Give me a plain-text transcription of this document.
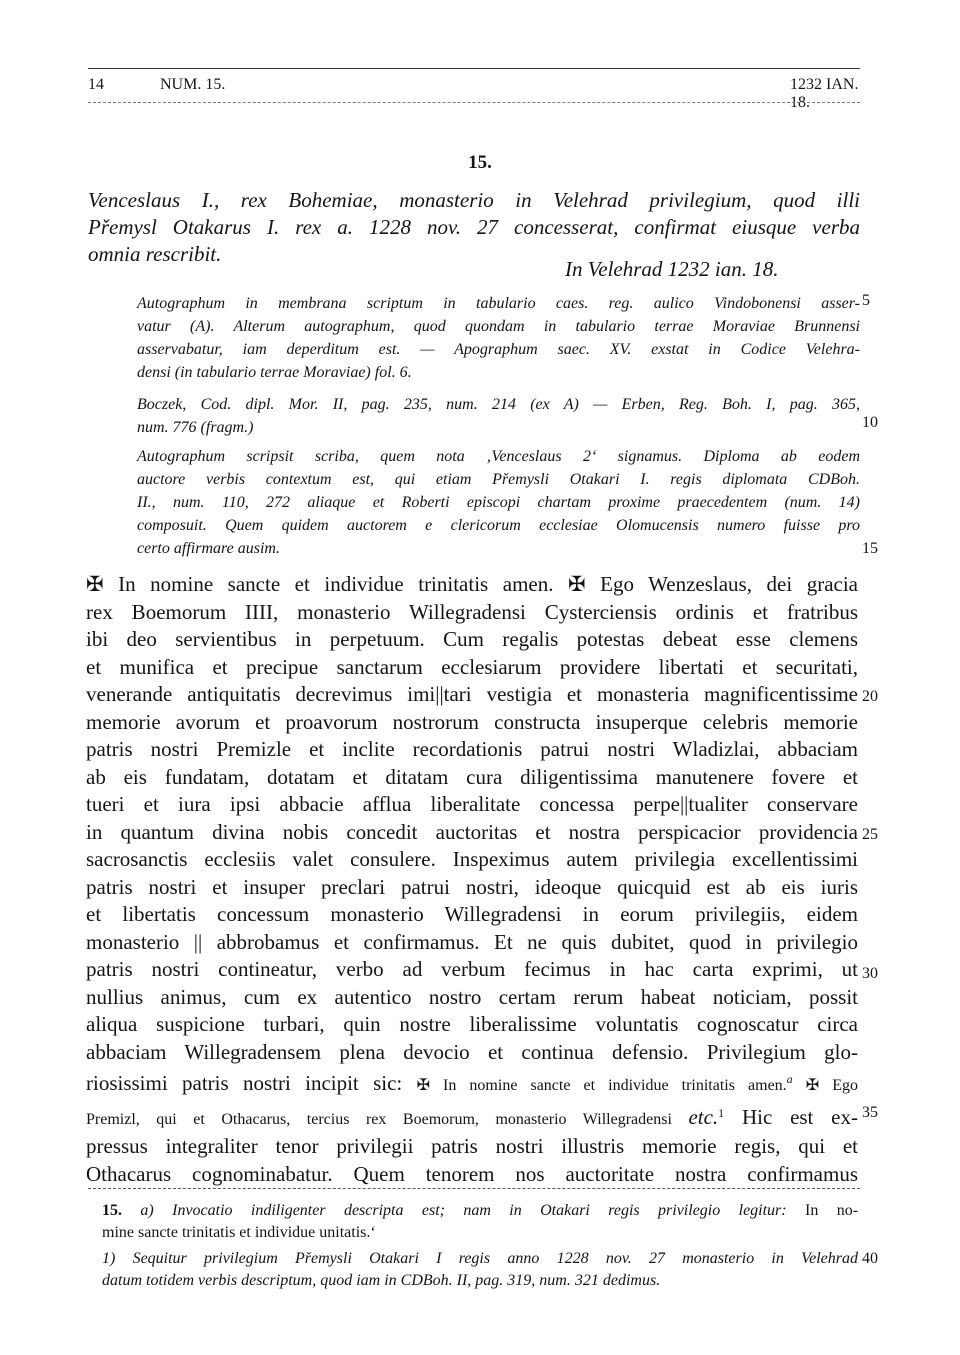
14	NUM. 15.	1232 IAN. 18.
15.
Venceslaus I., rex Bohemiae, monasterio in Velehrad privilegium, quod illi
Přemysl Otakarus I. rex a. 1228 nov. 27 concesserat, confirmat eiusque verba
omnia rescribit.
In Velehrad 1232 ian. 18.
Autographum in membrana scriptum in tabulario caes. reg. aulico Vindobonensi asser-
vatur (A). Alterum autographum, quod quondam in tabulario terrae Moraviae Brunnensi
asservabatur, iam deperditum est. — Apographum saec. XV. exstat in Codice Velehra-
densi (in tabulario terrae Moraviae) fol. 6.
Boczek, Cod. dipl. Mor. II, pag. 235, num. 214 (ex A) — Erben, Reg. Boh. I, pag. 365,
num. 776 (fragm.)
Autographum scripsit scriba, quem nota ‚Venceslaus 2ʻ signamus. Diploma ab eodem
auctore verbis contextum est, qui etiam Přemysli Otakari I. regis diplomata CDBoh.
II., num. 110, 272 aliaque et Roberti episcopi chartam proxime praecedentem (num. 14)
composuit. Quem quidem auctorem e clericorum ecclesiae Olomucensis numero fuisse pro
certo affirmare ausim.
✠ In nomine sancte et individue trinitatis amen. ✠ Ego Wenzeslaus, dei gracia
rex Boemorum IIII, monasterio Willegradensi Cysterciensis ordinis et fratribus
ibi deo servientibus in perpetuum. Cum regalis potestas debeat esse clemens
et munifica et precipue sanctarum ecclesiarum providere libertati et securitati,
venerande antiquitatis decrevimus imi||tari vestigia et monasteria magnificentissime
memorie avorum et proavorum nostrorum constructa insuperque celebris memorie
patris nostri Premizle et inclite recordationis patrui nostri Wladizlai, abbaciam
ab eis fundatam, dotatam et ditatam cura diligentissima manutenere fovere et
tueri et iura ipsi abbacie afflua liberalitate concessa perpe||tualiter conservare
in quantum divina nobis concedit auctoritas et nostra perspicacior providencia
sacrosanctis ecclesiis valet consulere. Inspeximus autem privilegia excellentissimi
patris nostri et insuper preclari patrui nostri, ideoque quicquid est ab eis iuris
et libertatis concessum monasterio Willegradensi in eorum privilegiis, eidem
monasterio || abbrobamus et confirmamus. Et ne quis dubitet, quod in privilegio
patris nostri contineatur, verbo ad verbum fecimus in hac carta exprimi, ut
nullius animus, cum ex autentico nostro certam rerum habeat noticiam, possit
aliqua suspicione turbari, quin nostre liberalissime voluntatis cognoscatur circa
abbaciam Willegradensem plena devocio et continua defensio. Privilegium glo-
riosissimi patris nostri incipit sic: ✠ In nomine sancte et individue trinitatis amen.$^a$ ✠ Ego
Premizl, qui et Othacarus, tercius rex Boemorum, monasterio Willegradensi etc.$^1$ Hic est ex-
pressus integraliter tenor privilegii patris nostri illustris memorie regis, qui et
Othacarus cognominabatur. Quem tenorem nos auctoritate nostra confirmamus
5
10
15
20
25
30
35
40
15. a) Invocatio indiligenter descripta est; nam in Otakari regis privilegio legitur: In no-
mine sancte trinitatis et individue unitatis.ʻ
1) Sequitur privilegium Přemysli Otakari I regis anno 1228 nov. 27 monasterio in Velehrad
datum totidem verbis descriptum, quod iam in CDBoh. II, pag. 319, num. 321 dedimus.
